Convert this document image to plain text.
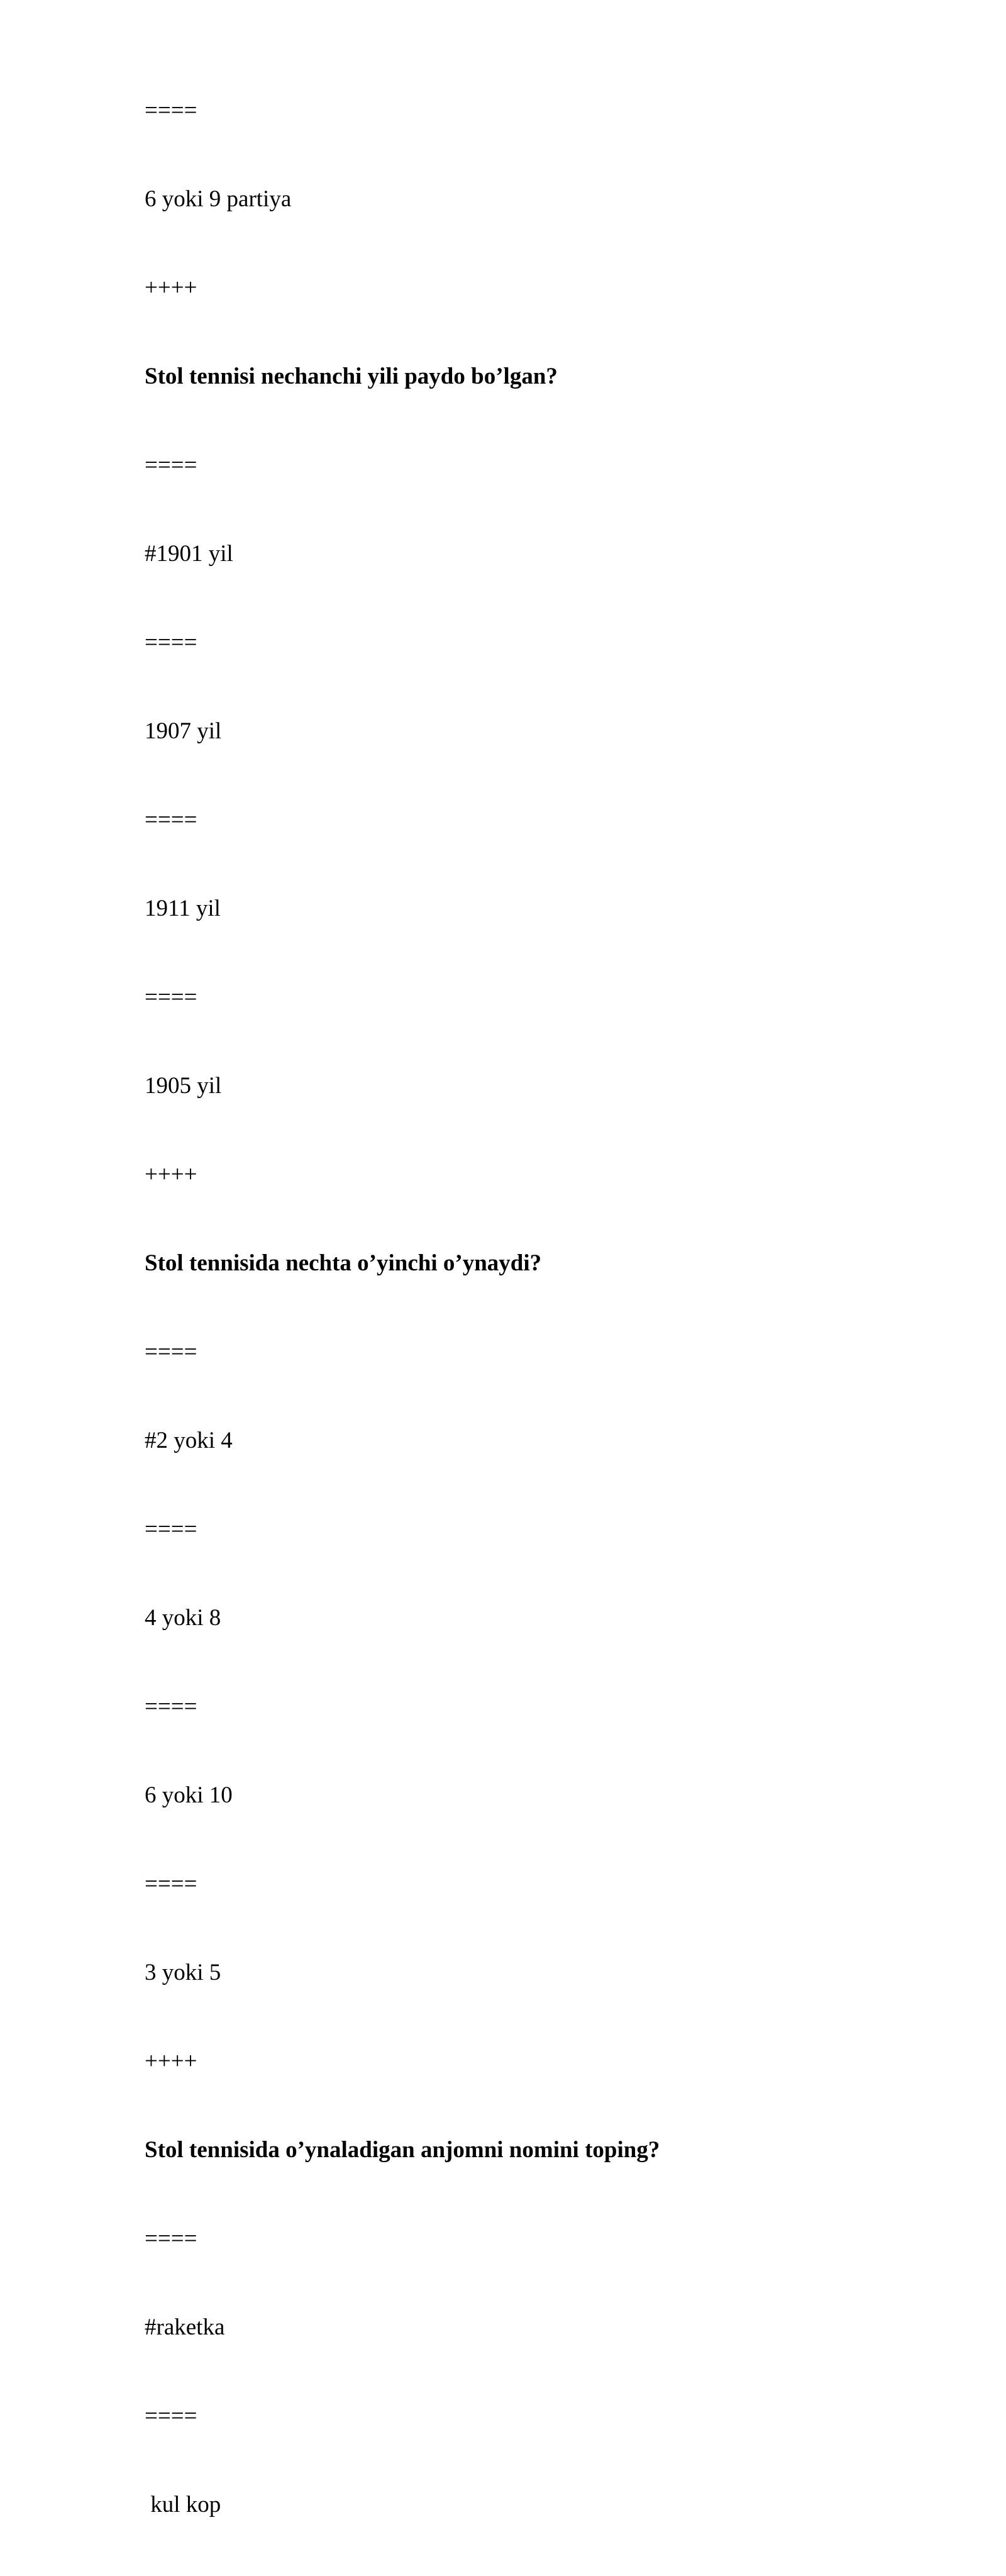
====
6 yoki 9 partiya
++++
Stol tennisi nechanchi yili paydo bo’lgan?
====
#1901 yil
====
1907 yil
====
1911 yil
====
1905 yil
++++
Stol tennisida nechta o’yinchi o’ynaydi?
====
#2 yoki 4
====
4 yoki 8
====
6 yoki 10
====
3 yoki 5
++++
Stol tennisida o’ynaladigan anjomni nomini toping?
====
#raketka
====
kul kop
